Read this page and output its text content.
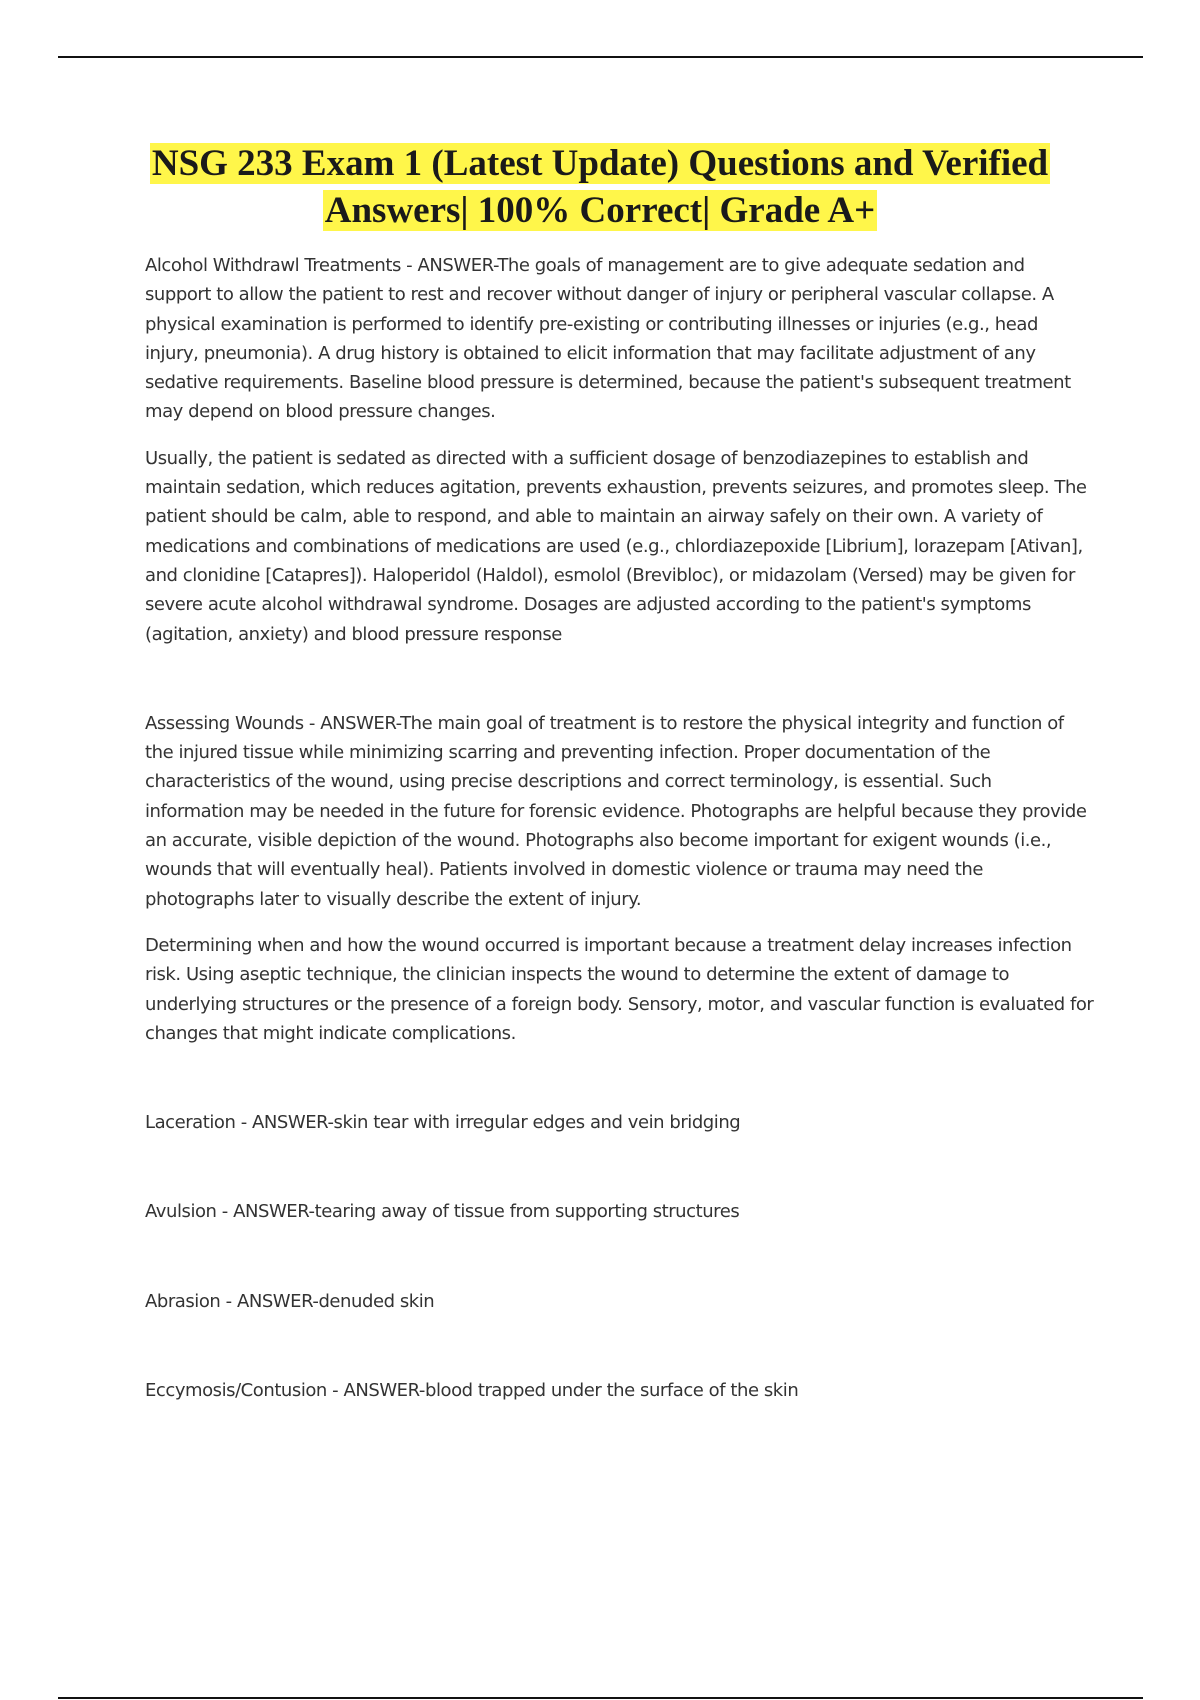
NSG 233 Exam 1 (Latest Update) Questions and Verified
Answers| 100% Correct| Grade A+

Alcohol Withdrawl Treatments - ANSWER-The goals of management are to give adequate sedation and support to allow the patient to rest and recover without danger of injury or peripheral vascular collapse. A physical examination is performed to identify pre-existing or contributing illnesses or injuries (e.g., head injury, pneumonia). A drug history is obtained to elicit information that may facilitate adjustment of any sedative requirements. Baseline blood pressure is determined, because the patient's subsequent treatment may depend on blood pressure changes.

Usually, the patient is sedated as directed with a sufficient dosage of benzodiazepines to establish and maintain sedation, which reduces agitation, prevents exhaustion, prevents seizures, and promotes sleep. The patient should be calm, able to respond, and able to maintain an airway safely on their own. A variety of medications and combinations of medications are used (e.g., chlordiazepoxide [Librium], lorazepam [Ativan], and clonidine [Catapres]). Haloperidol (Haldol), esmolol (Brevibloc), or midazolam (Versed) may be given for severe acute alcohol withdrawal syndrome. Dosages are adjusted according to the patient's symptoms (agitation, anxiety) and blood pressure response

Assessing Wounds - ANSWER-The main goal of treatment is to restore the physical integrity and function of the injured tissue while minimizing scarring and preventing infection. Proper documentation of the characteristics of the wound, using precise descriptions and correct terminology, is essential. Such information may be needed in the future for forensic evidence. Photographs are helpful because they provide an accurate, visible depiction of the wound. Photographs also become important for exigent wounds (i.e., wounds that will eventually heal). Patients involved in domestic violence or trauma may need the photographs later to visually describe the extent of injury.

Determining when and how the wound occurred is important because a treatment delay increases infection risk. Using aseptic technique, the clinician inspects the wound to determine the extent of damage to underlying structures or the presence of a foreign body. Sensory, motor, and vascular function is evaluated for changes that might indicate complications.

Laceration - ANSWER-skin tear with irregular edges and vein bridging

Avulsion - ANSWER-tearing away of tissue from supporting structures

Abrasion - ANSWER-denuded skin

Eccymosis/Contusion - ANSWER-blood trapped under the surface of the skin
